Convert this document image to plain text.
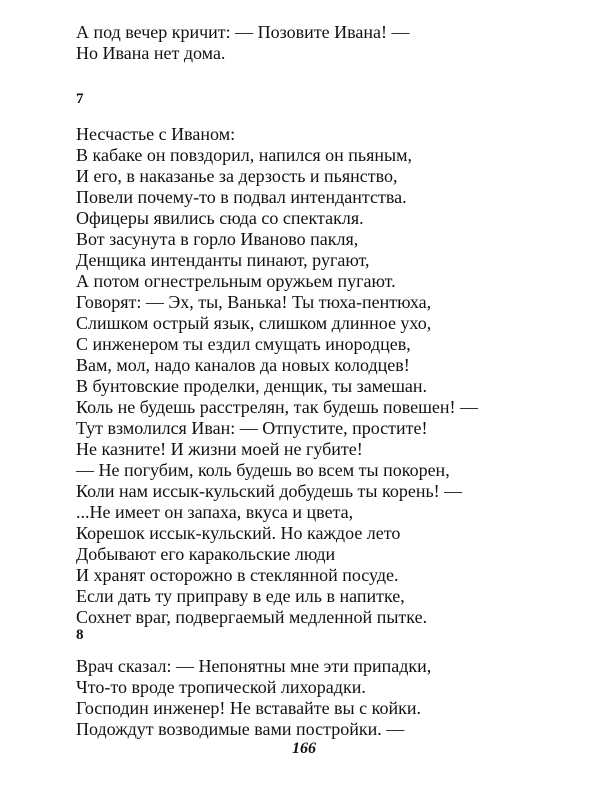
А под вечер кричит: — Позовите Ивана! —
Но Ивана нет дома.
7
Несчастье с Иваном:
В кабаке он повздорил, напился он пьяным,
И его, в наказанье за дерзость и пьянство,
Повели почему-то в подвал интендантства.
Офицеры явились сюда со спектакля.
Вот засунута в горло Иваново пакля,
Денщика интенданты пинают, ругают,
А потом огнестрельным оружьем пугают.
Говорят: — Эх, ты, Ванька! Ты тюха-пентюха,
Слишком острый язык, слишком длинное ухо,
С инженером ты ездил смущать инородцев,
Вам, мол, надо каналов да новых колодцев!
В бунтовские проделки, денщик, ты замешан.
Коль не будешь расстрелян, так будешь повешен! —
Тут взмолился Иван: — Отпустите, простите!
Не казните! И жизни моей не губите!
— Не погубим, коль будешь во всем ты покорен,
Коли нам иссык-кульский добудешь ты корень! —
...Не имеет он запаха, вкуса и цвета,
Корешок иссык-кульский. Но каждое лето
Добывают его каракольские люди
И хранят осторожно в стеклянной посуде.
Если дать ту приправу в еде иль в напитке,
Сохнет враг, подвергаемый медленной пытке.
8
Врач сказал: — Непонятны мне эти припадки,
Что-то вроде тропической лихорадки.
Господин инженер! Не вставайте вы с койки.
Подождут возводимые вами постройки. —
166
